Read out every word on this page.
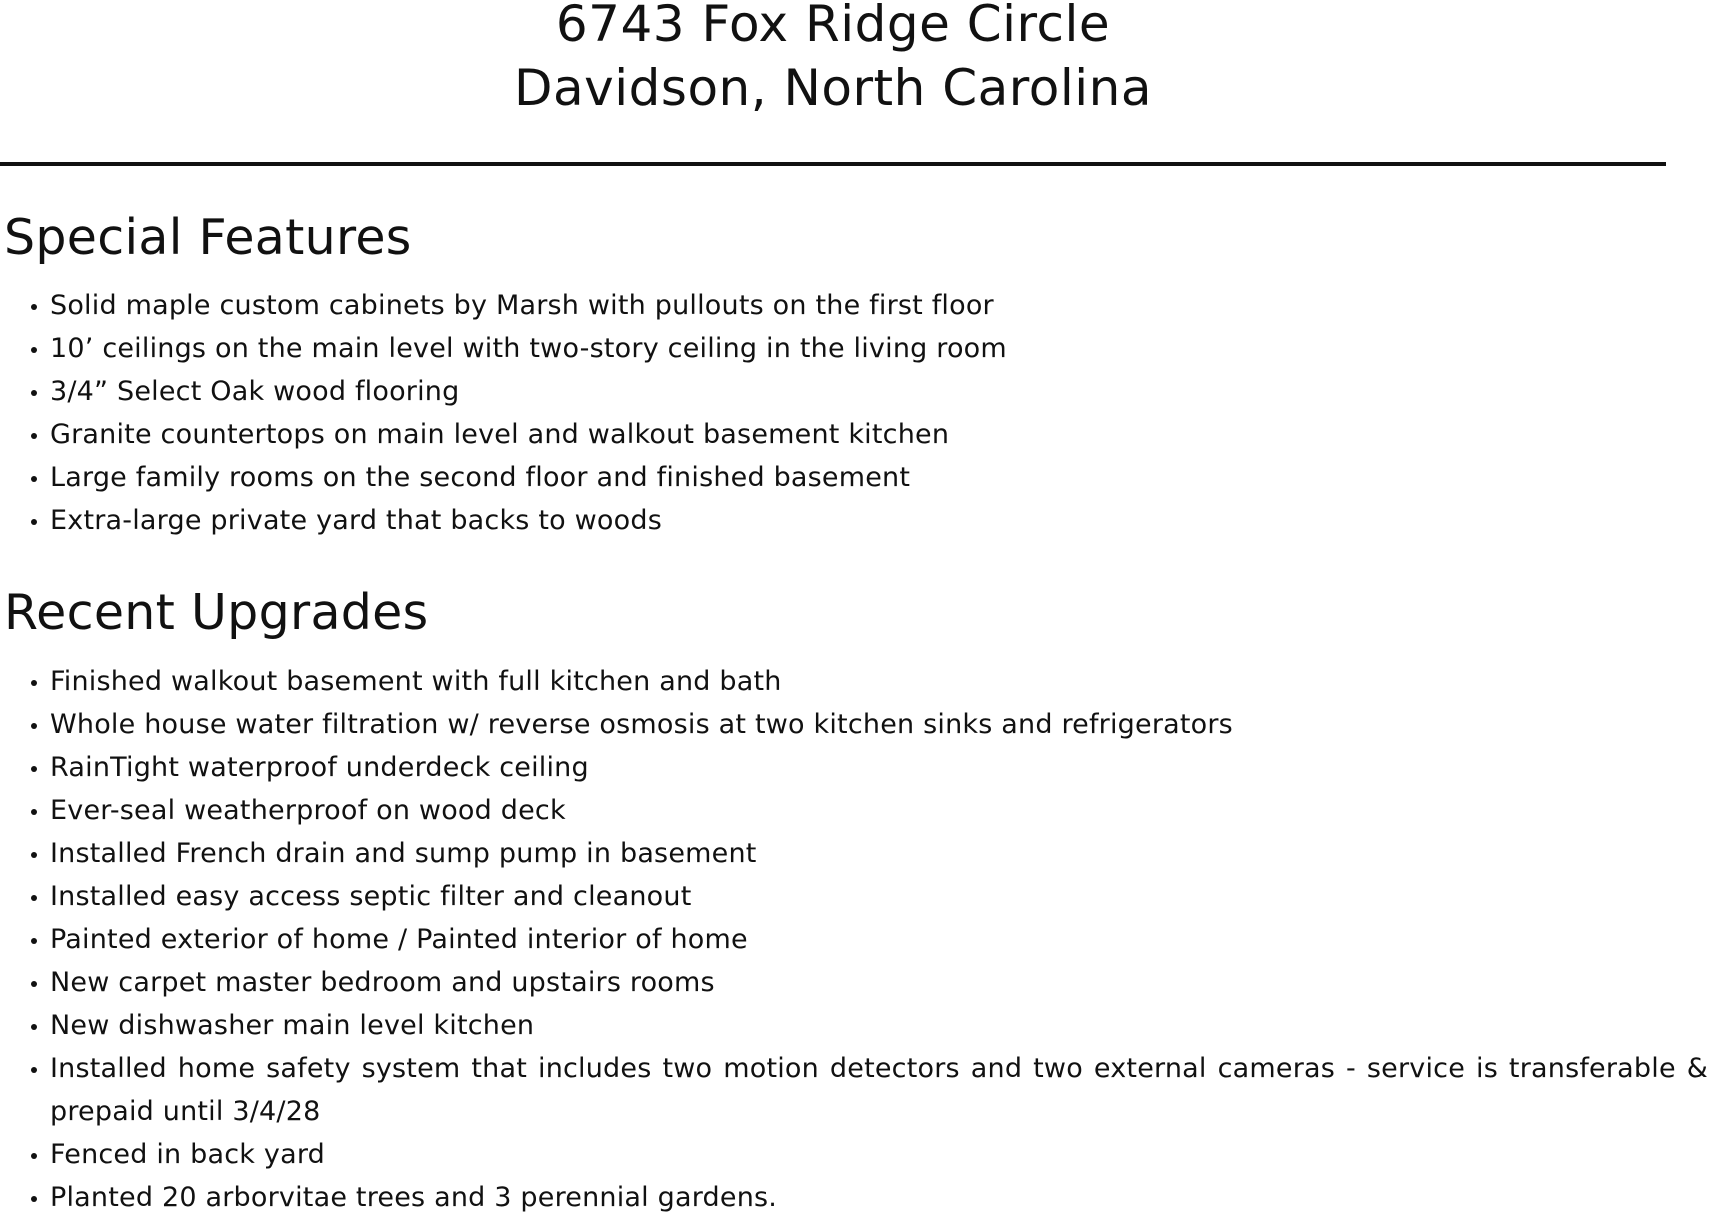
6743 Fox Ridge Circle
Davidson, North Carolina
Special Features
Solid maple custom cabinets by Marsh with pullouts on the first floor
10’ ceilings on the main level with two-story ceiling in the living room
3/4” Select Oak wood flooring
Granite countertops on main level and walkout basement kitchen
Large family rooms on the second floor and finished basement
Extra-large private yard that backs to woods
Recent Upgrades
Finished walkout basement with full kitchen and bath
Whole house water filtration w/ reverse osmosis at two kitchen sinks and refrigerators
RainTight waterproof underdeck ceiling
Ever-seal weatherproof on wood deck
Installed French drain and sump pump in basement
Installed easy access septic filter and cleanout
Painted exterior of home / Painted interior of home
New carpet master bedroom and upstairs rooms
New dishwasher main level kitchen
Installed home safety system that includes two motion detectors and two external cameras - service is transferable & prepaid until 3/4/28
Fenced in back yard
Planted 20 arborvitae trees and 3 perennial gardens.
